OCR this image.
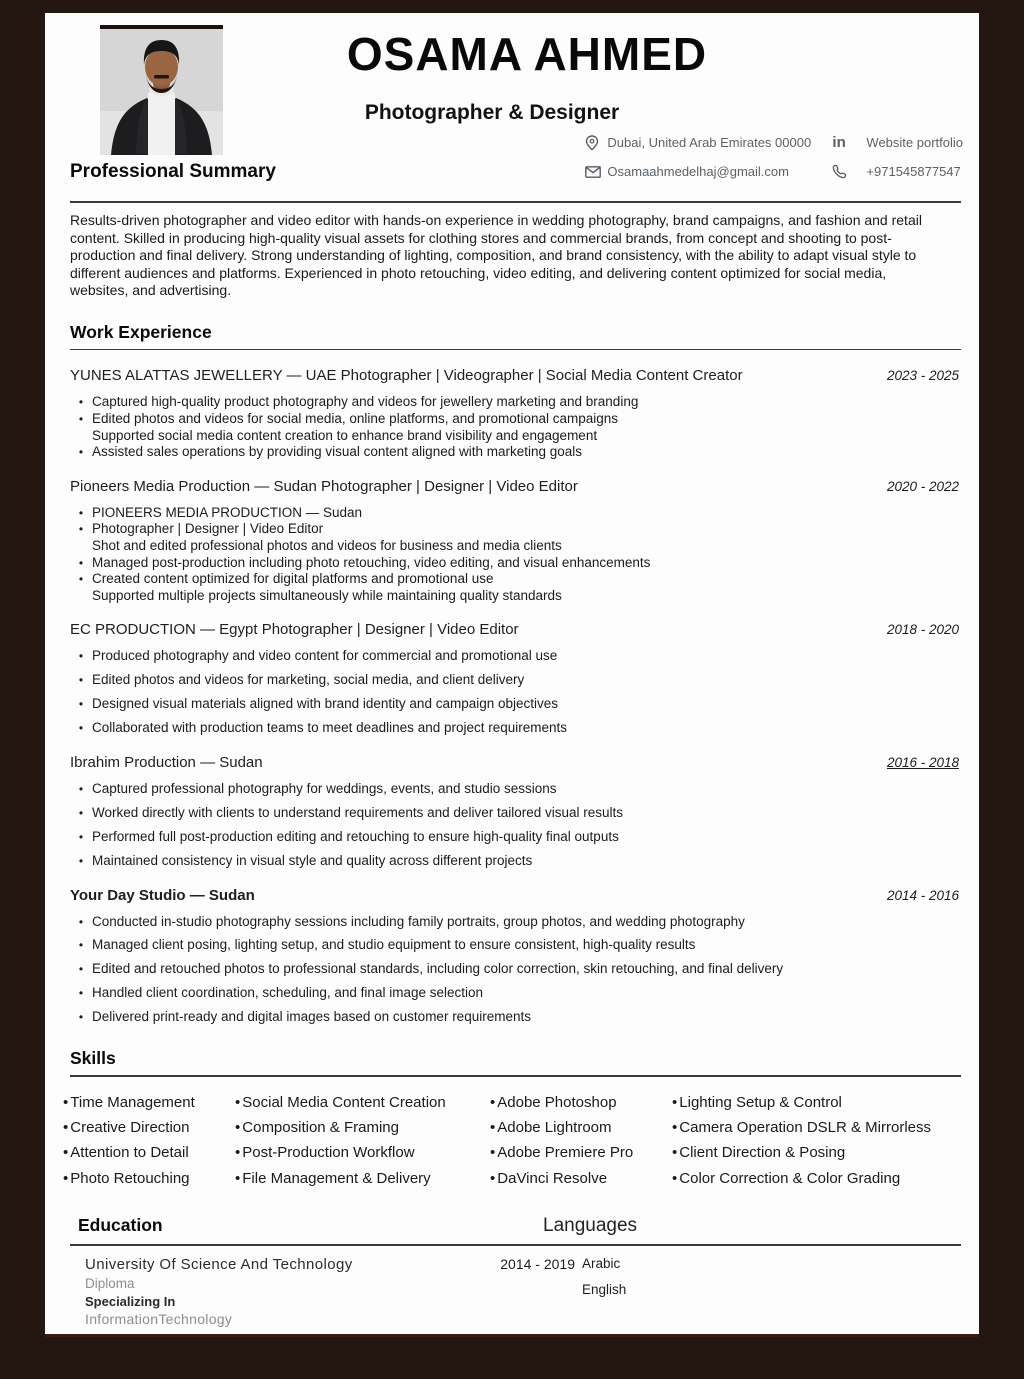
OSAMA AHMED
Photographer & Designer
Dubai, United Arab Emirates 00000	in	Website portfolio
Osamaahmedelhaj@gmail.com	+971545877547
Professional Summary
Results-driven photographer and video editor with hands-on experience in wedding photography, brand campaigns, and fashion and retail content. Skilled in producing high-quality visual assets for clothing stores and commercial brands, from concept and shooting to post-production and final delivery. Strong understanding of lighting, composition, and brand consistency, with the ability to adapt visual style to different audiences and platforms. Experienced in photo retouching, video editing, and delivering content optimized for social media, websites, and advertising.
Work Experience
YUNES ALATTAS JEWELLERY — UAE Photographer | Videographer | Social Media Content Creator	2023 - 2025
• Captured high-quality product photography and videos for jewellery marketing and branding
• Edited photos and videos for social media, online platforms, and promotional campaigns
Supported social media content creation to enhance brand visibility and engagement
• Assisted sales operations by providing visual content aligned with marketing goals
Pioneers Media Production — Sudan Photographer | Designer | Video Editor	2020 - 2022
• PIONEERS MEDIA PRODUCTION — Sudan
• Photographer | Designer | Video Editor
Shot and edited professional photos and videos for business and media clients
• Managed post-production including photo retouching, video editing, and visual enhancements
• Created content optimized for digital platforms and promotional use
Supported multiple projects simultaneously while maintaining quality standards
EC PRODUCTION — Egypt Photographer | Designer | Video Editor	2018 - 2020
• Produced photography and video content for commercial and promotional use
• Edited photos and videos for marketing, social media, and client delivery
• Designed visual materials aligned with brand identity and campaign objectives
• Collaborated with production teams to meet deadlines and project requirements
Ibrahim Production — Sudan	2016 - 2018
• Captured professional photography for weddings, events, and studio sessions
• Worked directly with clients to understand requirements and deliver tailored visual results
• Performed full post-production editing and retouching to ensure high-quality final outputs
• Maintained consistency in visual style and quality across different projects
Your Day Studio — Sudan	2014 - 2016
• Conducted in-studio photography sessions including family portraits, group photos, and wedding photography
• Managed client posing, lighting setup, and studio equipment to ensure consistent, high-quality results
• Edited and retouched photos to professional standards, including color correction, skin retouching, and final delivery
• Handled client coordination, scheduling, and final image selection
• Delivered print-ready and digital images based on customer requirements
Skills
• Time Management
• Creative Direction
• Attention to Detail
• Photo Retouching
• Social Media Content Creation
• Composition & Framing
• Post-Production Workflow
• File Management & Delivery
• Adobe Photoshop
• Adobe Lightroom
• Adobe Premiere Pro
• DaVinci Resolve
• Lighting Setup & Control
• Camera Operation DSLR & Mirrorless
• Client Direction & Posing
• Color Correction & Color Grading
Education	Languages
University Of Science And Technology	2014 - 2019
Diploma
Specializing In
InformationTechnology
Arabic
English
